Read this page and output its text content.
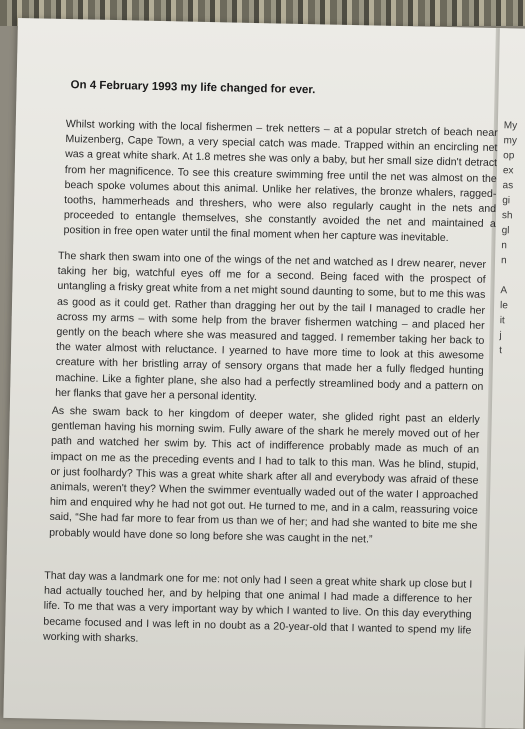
On 4 February 1993 my life changed for ever.

Whilst working with the local fishermen – trek netters – at a popular stretch of beach near Muizenberg, Cape Town, a very special catch was made. Trapped within an encircling net was a great white shark. At 1.8 metres she was only a baby, but her small size didn't detract from her magnificence. To see this creature swimming free until the net was almost on the beach spoke volumes about this animal. Unlike her relatives, the bronze whalers, ragged-tooths, hammerheads and threshers, who were also regularly caught in the nets and proceeded to entangle themselves, she constantly avoided the net and maintained a position in free open water until the final moment when her capture was inevitable.

The shark then swam into one of the wings of the net and watched as I drew nearer, never taking her big, watchful eyes off me for a second. Being faced with the prospect of untangling a frisky great white from a net might sound daunting to some, but to me this was as good as it could get. Rather than dragging her out by the tail I managed to cradle her across my arms – with some help from the braver fishermen watching – and placed her gently on the beach where she was measured and tagged. I remember taking her back to the water almost with reluctance. I yearned to have more time to look at this awesome creature with her bristling array of sensory organs that made her a fully fledged hunting machine. Like a fighter plane, she also had a perfectly streamlined body and a pattern on her flanks that gave her a personal identity.

As she swam back to her kingdom of deeper water, she glided right past an elderly gentleman having his morning swim. Fully aware of the shark he merely moved out of her path and watched her swim by. This act of indifference probably made as much of an impact on me as the preceding events and I had to talk to this man. Was he blind, stupid, or just foolhardy? This was a great white shark after all and everybody was afraid of these animals, weren't they? When the swimmer eventually waded out of the water I approached him and enquired why he had not got out. He turned to me, and in a calm, reassuring voice said, “She had far more to fear from us than we of her; and had she wanted to bite me she probably would have done so long before she was caught in the net.”

That day was a landmark one for me: not only had I seen a great white shark up close but I had actually touched her, and by helping that one animal I had made a difference to her life. To me that was a very important way by which I wanted to live. On this day everything became focused and I was left in no doubt as a 20-year-old that I wanted to spend my life working with sharks.

My
my
op
ex
as
gi
sh
gl
n
n

A
le
it
j
t
